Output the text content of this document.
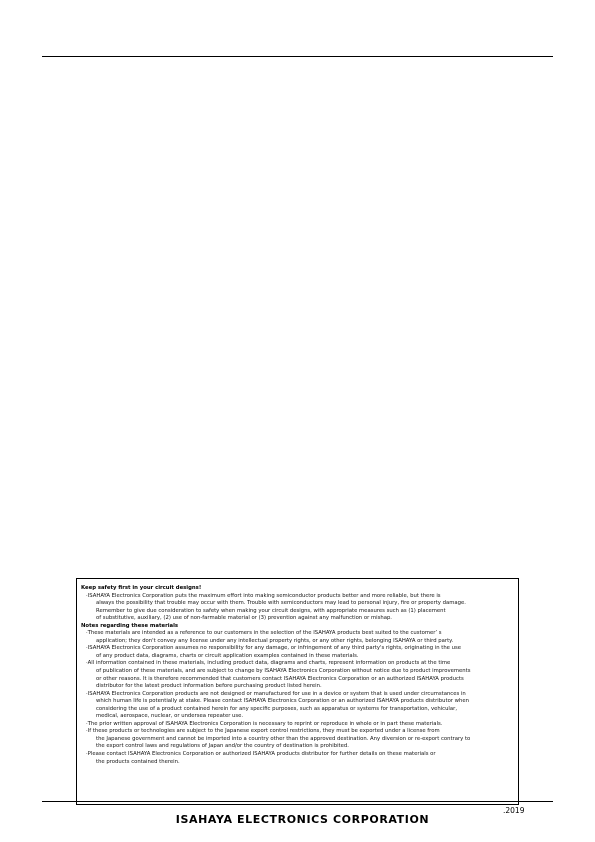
Keep safety first in your circuit designs!

·ISAHAYA Electronics Corporation puts the maximum effort into making semiconductor products better and more reliable, but there is

always the possibility that trouble may occur with them. Trouble with semiconductors may lead to personal injury, fire or property damage.

Remember to give due consideration to safety when making your circuit designs, with appropriate measures such as (1) placement

of substitutive, auxiliary, (2) use of non-farmable material or (3) prevention against any malfunction or mishap.

Notes regarding these materials

·These materials are intended as a reference to our customers in the selection of the ISAHAYA products best suited to the customer’ s

application; they don't convey any license under any intellectual property rights, or any other rights, belonging ISAHAYA or third party.

·ISAHAYA Electronics Corporation assumes no responsibility for any damage, or infringement of any third party's rights, originating in the use

of any product data, diagrams, charts or circuit application examples contained in these materials.

·All information contained in these materials, including product data, diagrams and charts, represent information on products at the time

of publication of these materials, and are subject to change by ISAHAYA Electronics Corporation without notice due to product improvements

or other reasons. It is therefore recommended that customers contact ISAHAYA Electronics Corporation or an authorized ISAHAYA products

distributor for the latest product information before purchasing product listed herein.

·ISAHAYA Electronics Corporation products are not designed or manufactured for use in a device or system that is used under circumstances in

which human life is potentially at stake. Please contact ISAHAYA Electronics Corporation or an authorized ISAHAYA products distributor when

considering the use of a product contained herein for any specific purposes, such as apparatus or systems for transportation, vehicular,

medical, aerospace, nuclear, or undersea repeater use.

·The prior written approval of ISAHAYA Electronics Corporation is necessary to reprint or reproduce in whole or in part these materials.

·If these products or technologies are subject to the Japanese export control restrictions, they must be exported under a license from

the Japanese government and cannot be imported into a country other than the approved destination. Any diversion or re-export contrary to

the export control laws and regulations of Japan and/or the country of destination is prohibited.

·Please contact ISAHAYA Electronics Corporation or authorized ISAHAYA products distributor for further details on these materials or

the products contained therein.

.2019
ISAHAYA ELECTRONICS CORPORATION
